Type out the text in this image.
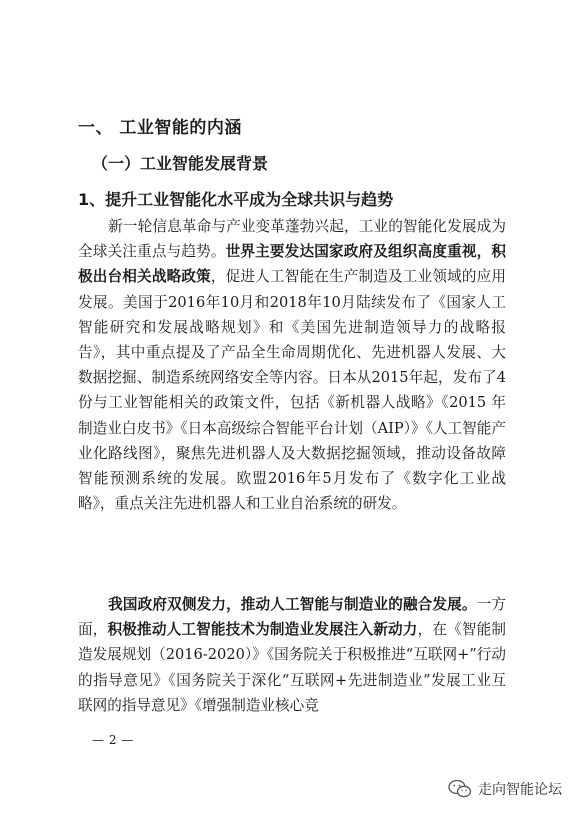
一、 工业智能的内涵
（一）工业智能发展背景
1、提升工业智能化水平成为全球共识与趋势
新一轮信息革命与产业变革蓬勃兴起，工业的智能化发展成为全球关注重点与趋势。世界主要发达国家政府及组织高度重视，积极出台相关战略政策，促进人工智能在生产制造及工业领域的应用发展。美国于2016年10月和2018年10月陆续发布了《国家人工智能研究和发展战略规划》和《美国先进制造领导力的战略报告》，其中重点提及了产品全生命周期优化、先进机器人发展、大数据挖掘、制造系统网络安全等内容。日本从2015年起，发布了4份与工业智能相关的政策文件，包括《新机器人战略》《2015 年制造业白皮书》《日本高级综合智能平台计划（AIP）》《人工智能产业化路线图》，聚焦先进机器人及大数据挖掘领域，推动设备故障智能预测系统的发展。欧盟2016年5月发布了《数字化工业战略》，重点关注先进机器人和工业自治系统的研发。
我国政府双侧发力，推动人工智能与制造业的融合发展。一方面，积极推动人工智能技术为制造业发展注入新动力，在《智能制造发展规划（2016-2020）》《国务院关于积极推进“互联网+”行动的指导意见》《国务院关于深化“互联网+先进制造业”发展工业互联网的指导意见》《增强制造业核心竞
— 2 —
走向智能论坛
